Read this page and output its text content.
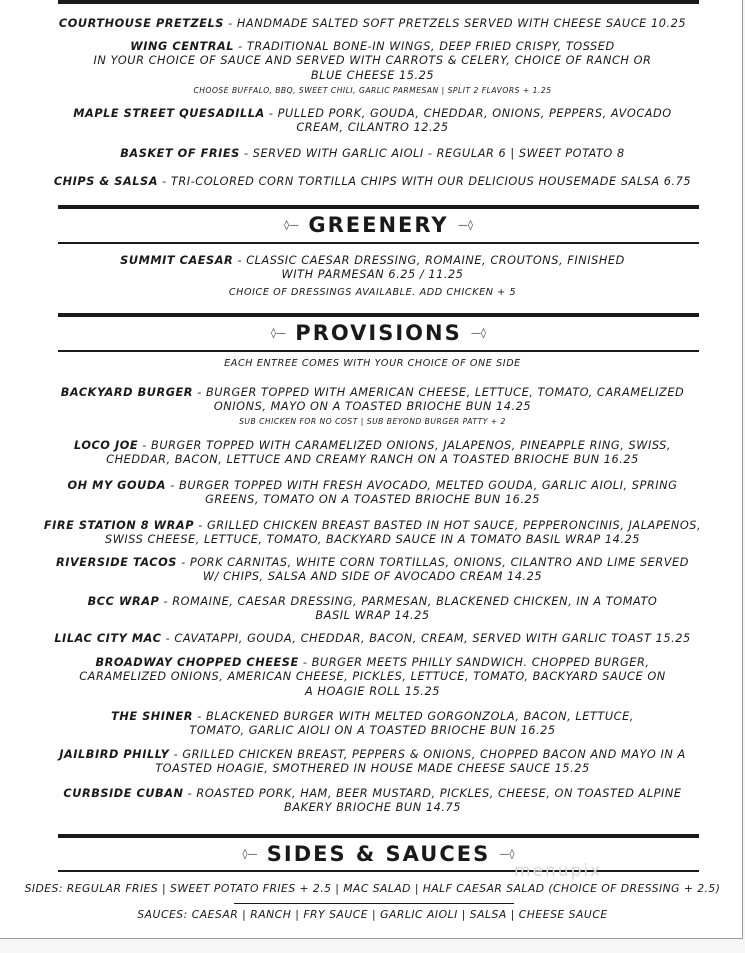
COURTHOUSE PRETZELS - HANDMADE SALTED SOFT PRETZELS SERVED WITH CHEESE SAUCE 10.25
WING CENTRAL - TRADITIONAL BONE-IN WINGS, DEEP FRIED CRISPY, TOSSED
IN YOUR CHOICE OF SAUCE AND SERVED WITH CARROTS & CELERY, CHOICE OF RANCH OR
BLUE CHEESE 15.25
CHOOSE BUFFALO, BBQ, SWEET CHILI, GARLIC PARMESAN | SPLIT 2 FLAVORS + 1.25
MAPLE STREET QUESADILLA - PULLED PORK, GOUDA, CHEDDAR, ONIONS, PEPPERS, AVOCADO
CREAM, CILANTRO 12.25
BASKET OF FRIES - SERVED WITH GARLIC AIOLI - REGULAR 6 | SWEET POTATO 8
CHIPS & SALSA - TRI-COLORED CORN TORTILLA CHIPS WITH OUR DELICIOUS HOUSEMADE SALSA 6.75
◊— GREENERY —◊
SUMMIT CAESAR - CLASSIC CAESAR DRESSING, ROMAINE, CROUTONS, FINISHED
WITH PARMESAN 6.25 / 11.25
CHOICE OF DRESSINGS AVAILABLE. ADD CHICKEN + 5
◊— PROVISIONS —◊
EACH ENTREE COMES WITH YOUR CHOICE OF ONE SIDE
BACKYARD BURGER - BURGER TOPPED WITH AMERICAN CHEESE, LETTUCE, TOMATO, CARAMELIZED
ONIONS, MAYO ON A TOASTED BRIOCHE BUN 14.25
SUB CHICKEN FOR NO COST | SUB BEYOND BURGER PATTY + 2
LOCO JOE - BURGER TOPPED WITH CARAMELIZED ONIONS, JALAPENOS, PINEAPPLE RING, SWISS,
CHEDDAR, BACON, LETTUCE AND CREAMY RANCH ON A TOASTED BRIOCHE BUN 16.25
OH MY GOUDA - BURGER TOPPED WITH FRESH AVOCADO, MELTED GOUDA, GARLIC AIOLI, SPRING
GREENS, TOMATO ON A TOASTED BRIOCHE BUN 16.25
FIRE STATION 8 WRAP - GRILLED CHICKEN BREAST BASTED IN HOT SAUCE, PEPPERONCINIS, JALAPENOS,
SWISS CHEESE, LETTUCE, TOMATO, BACKYARD SAUCE IN A TOMATO BASIL WRAP 14.25
RIVERSIDE TACOS - PORK CARNITAS, WHITE CORN TORTILLAS, ONIONS, CILANTRO AND LIME SERVED
W/ CHIPS, SALSA AND SIDE OF AVOCADO CREAM 14.25
BCC WRAP - ROMAINE, CAESAR DRESSING, PARMESAN, BLACKENED CHICKEN, IN A TOMATO
BASIL WRAP 14.25
LILAC CITY MAC - CAVATAPPI, GOUDA, CHEDDAR, BACON, CREAM, SERVED WITH GARLIC TOAST 15.25
BROADWAY CHOPPED CHEESE - BURGER MEETS PHILLY SANDWICH. CHOPPED BURGER,
CARAMELIZED ONIONS, AMERICAN CHEESE, PICKLES, LETTUCE, TOMATO, BACKYARD SAUCE ON
A HOAGIE ROLL 15.25
THE SHINER - BLACKENED BURGER WITH MELTED GORGONZOLA, BACON, LETTUCE,
TOMATO, GARLIC AIOLI ON A TOASTED BRIOCHE BUN 16.25
JAILBIRD PHILLY - GRILLED CHICKEN BREAST, PEPPERS & ONIONS, CHOPPED BACON AND MAYO IN A
TOASTED HOAGIE, SMOTHERED IN HOUSE MADE CHEESE SAUCE 15.25
CURBSIDE CUBAN - ROASTED PORK, HAM, BEER MUSTARD, PICKLES, CHEESE, ON TOASTED ALPINE
BAKERY BRIOCHE BUN 14.75
◊— SIDES & SAUCES —◊
SIDES: REGULAR FRIES | SWEET POTATO FRIES + 2.5 | MAC SALAD | HALF CAESAR SALAD (CHOICE OF DRESSING + 2.5)
SAUCES: CAESAR | RANCH | FRY SAUCE | GARLIC AIOLI | SALSA | CHEESE SAUCE
menupix
